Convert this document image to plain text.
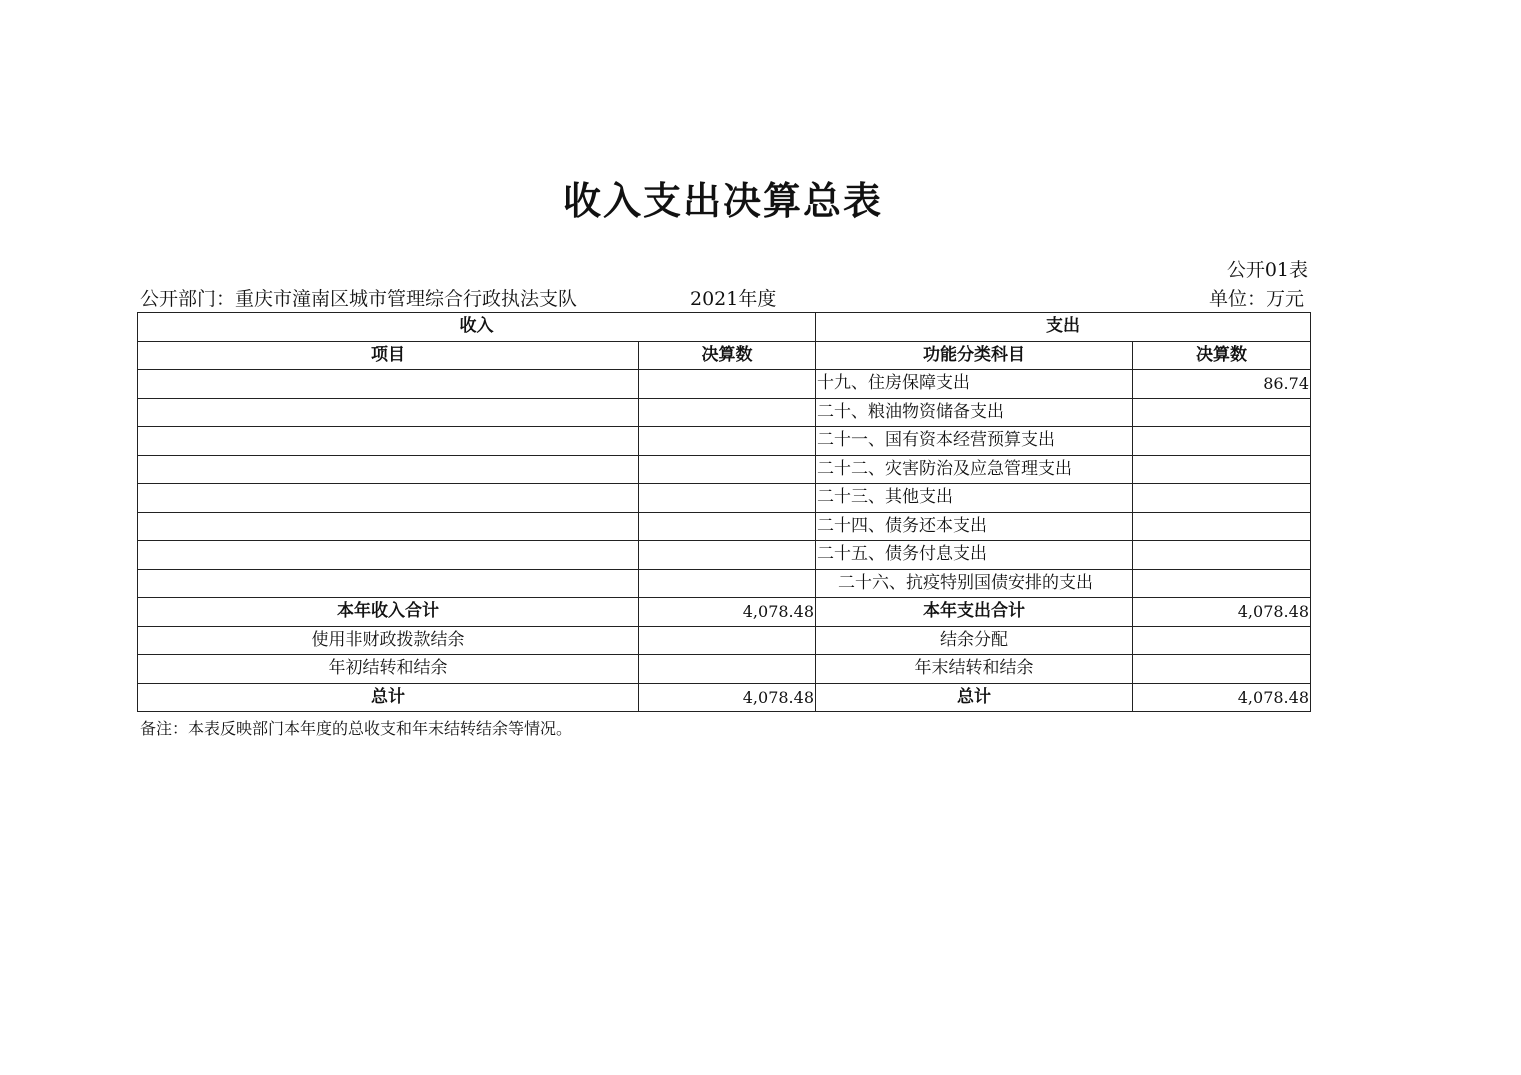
收入支出决算总表
公开01表
公开部门：重庆市潼南区城市管理综合行政执法支队	2021年度	单位：万元
收入		支出	
项目	决算数	功能分类科目	决算数
		十九、住房保障支出	86.74
		二十、粮油物资储备支出	
		二十一、国有资本经营预算支出	
		二十二、灾害防治及应急管理支出	
		二十三、其他支出	
		二十四、债务还本支出	
		二十五、债务付息支出	
		二十六、抗疫特别国债安排的支出	
本年收入合计	4,078.48	本年支出合计	4,078.48
使用非财政拨款结余		结余分配	
年初结转和结余		年末结转和结余	
总计	4,078.48	总计	4,078.48
备注：本表反映部门本年度的总收支和年末结转结余等情况。
